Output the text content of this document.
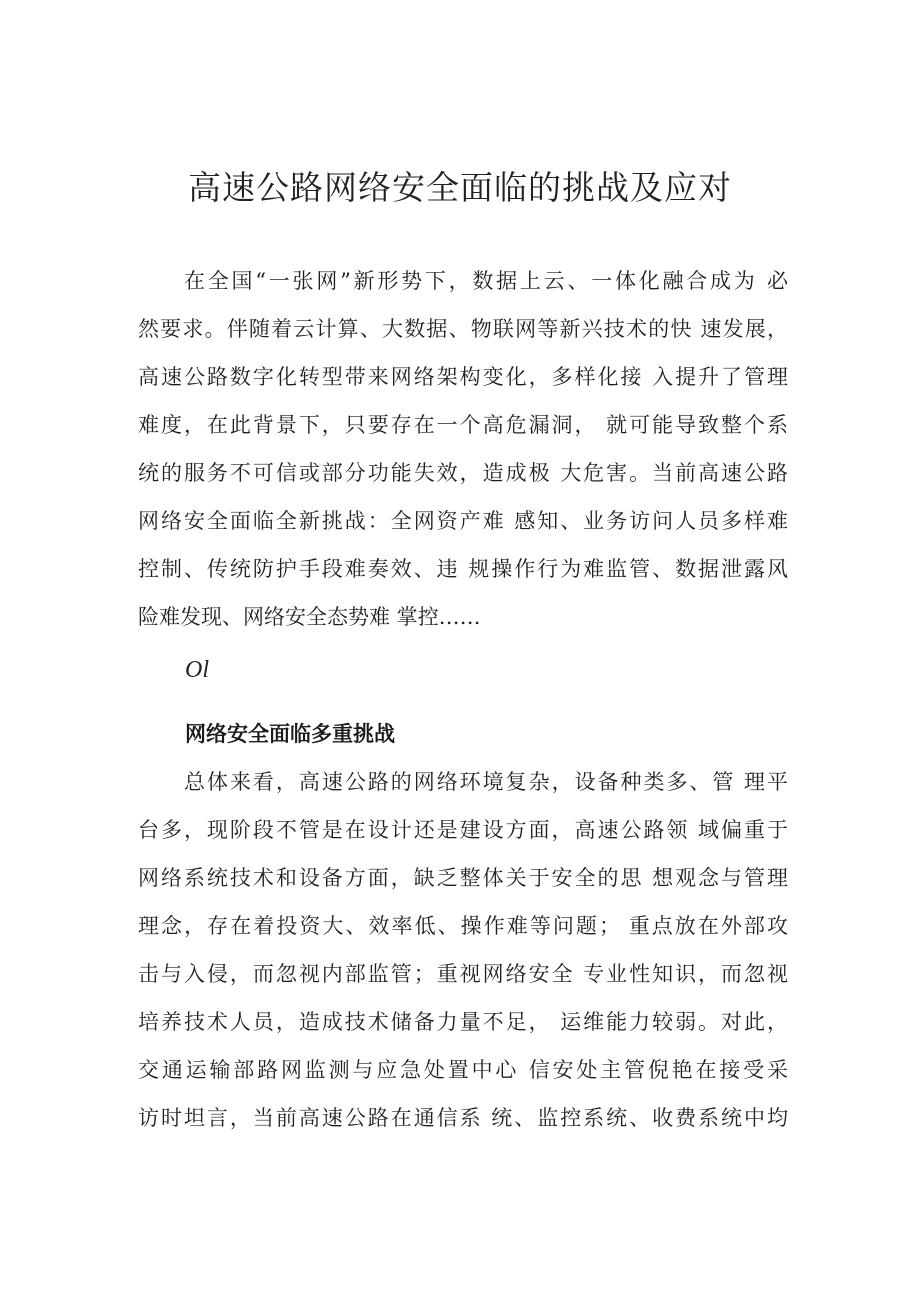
高速公路网络安全面临的挑战及应对
在全国“一张网”新形势下，数据上云、一体化融合成为 必
然要求。伴随着云计算、大数据、物联网等新兴技术的快 速发展，
高速公路数字化转型带来网络架构变化，多样化接 入提升了管理
难度，在此背景下，只要存在一个高危漏洞， 就可能导致整个系
统的服务不可信或部分功能失效，造成极 大危害。当前高速公路
网络安全面临全新挑战：全网资产难 感知、业务访问人员多样难
控制、传统防护手段难奏效、违 规操作行为难监管、数据泄露风
险难发现、网络安全态势难 掌控……
Ol
网络安全面临多重挑战
总体来看，高速公路的网络环境复杂，设备种类多、管 理平
台多，现阶段不管是在设计还是建设方面，高速公路领 域偏重于
网络系统技术和设备方面，缺乏整体关于安全的思 想观念与管理
理念，存在着投资大、效率低、操作难等问题； 重点放在外部攻
击与入侵，而忽视内部监管；重视网络安全 专业性知识，而忽视
培养技术人员，造成技术储备力量不足， 运维能力较弱。对此，
交通运输部路网监测与应急处置中心 信安处主管倪艳在接受采
访时坦言，当前高速公路在通信系 统、监控系统、收费系统中均
